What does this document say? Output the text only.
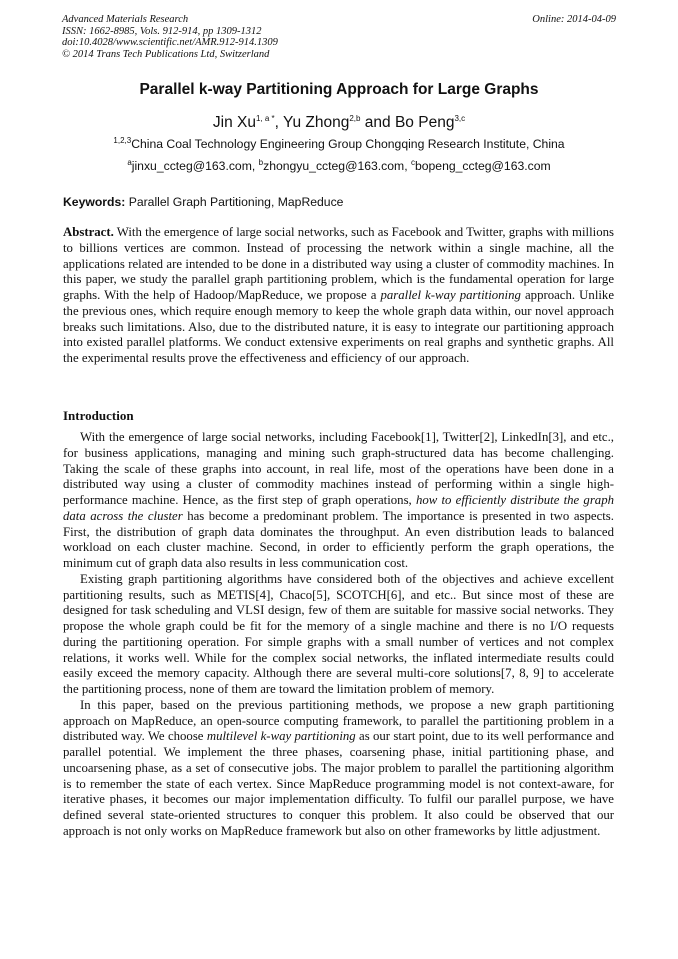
Advanced Materials Research
ISSN: 1662-8985, Vols. 912-914, pp 1309-1312
doi:10.4028/www.scientific.net/AMR.912-914.1309
© 2014 Trans Tech Publications Ltd, Switzerland
Online: 2014-04-09
Parallel k-way Partitioning Approach for Large Graphs
Jin $Xu^{1, a *}$, Yu Zhong$^{2,b}$ and Bo Peng$^{3,c}$
$^{1,2,3}$China Coal Technology Engineering Group Chongqing Research Institute, China
$^a$jinxu_ccteg@163.com, $^b$zhongyu_ccteg@163.com, $^c$bopeng_ccteg@163.com
Keywords: Parallel Graph Partitioning, MapReduce
Abstract. With the emergence of large social networks, such as Facebook and Twitter, graphs with millions to billions vertices are common. Instead of processing the network within a single machine, all the applications related are intended to be done in a distributed way using a cluster of commodity machines. In this paper, we study the parallel graph partitioning problem, which is the fundamental operation for large graphs. With the help of Hadoop/MapReduce, we propose a parallel k-way partitioning approach. Unlike the previous ones, which require enough memory to keep the whole graph data within, our novel approach breaks such limitations. Also, due to the distributed nature, it is easy to integrate our partitioning approach into existed parallel platforms. We conduct extensive experiments on real graphs and synthetic graphs. All the experimental results prove the effectiveness and efficiency of our approach.
Introduction

With the emergence of large social networks, including Facebook[1], Twitter[2], LinkedIn[3], and etc., for business applications, managing and mining such graph-structured data has become challenging. Taking the scale of these graphs into account, in real life, most of the operations have been done in a distributed way using a cluster of commodity machines instead of performing within a single high-performance machine. Hence, as the first step of graph operations, how to efficiently distribute the graph data across the cluster has become a predominant problem. The importance is presented in two aspects. First, the distribution of graph data dominates the throughput. An even distribution leads to balanced workload on each cluster machine. Second, in order to efficiently perform the graph operations, the minimum cut of graph data also results in less communication cost.

Existing graph partitioning algorithms have considered both of the objectives and achieve excellent partitioning results, such as METIS[4], Chaco[5], SCOTCH[6], and etc.. But since most of these are designed for task scheduling and VLSI design, few of them are suitable for massive social networks. They propose the whole graph could be fit for the memory of a single machine and there is no I/O requests during the partitioning operation. For simple graphs with a small number of vertices and not complex relations, it works well. While for the complex social networks, the inflated intermediate results could easily exceed the memory capacity. Although there are several multi-core solutions[7, 8, 9] to accelerate the partitioning process, none of them are toward the limitation problem of memory.

In this paper, based on the previous partitioning methods, we propose a new graph partitioning approach on MapReduce, an open-source computing framework, to parallel the partitioning problem in a distributed way. We choose multilevel k-way partitioning as our start point, due to its well performance and parallel potential. We implement the three phases, coarsening phase, initial partitioning phase, and uncoarsening phase, as a set of consecutive jobs. The major problem to parallel the partitioning algorithm is to remember the state of each vertex. Since MapReduce programming model is not context-aware, for iterative phases, it becomes our major implementation difficulty. To fulfil our parallel purpose, we have defined several state-oriented structures to conquer this problem. It also could be observed that our approach is not only works on MapReduce framework but also on other frameworks by little adjustment.
